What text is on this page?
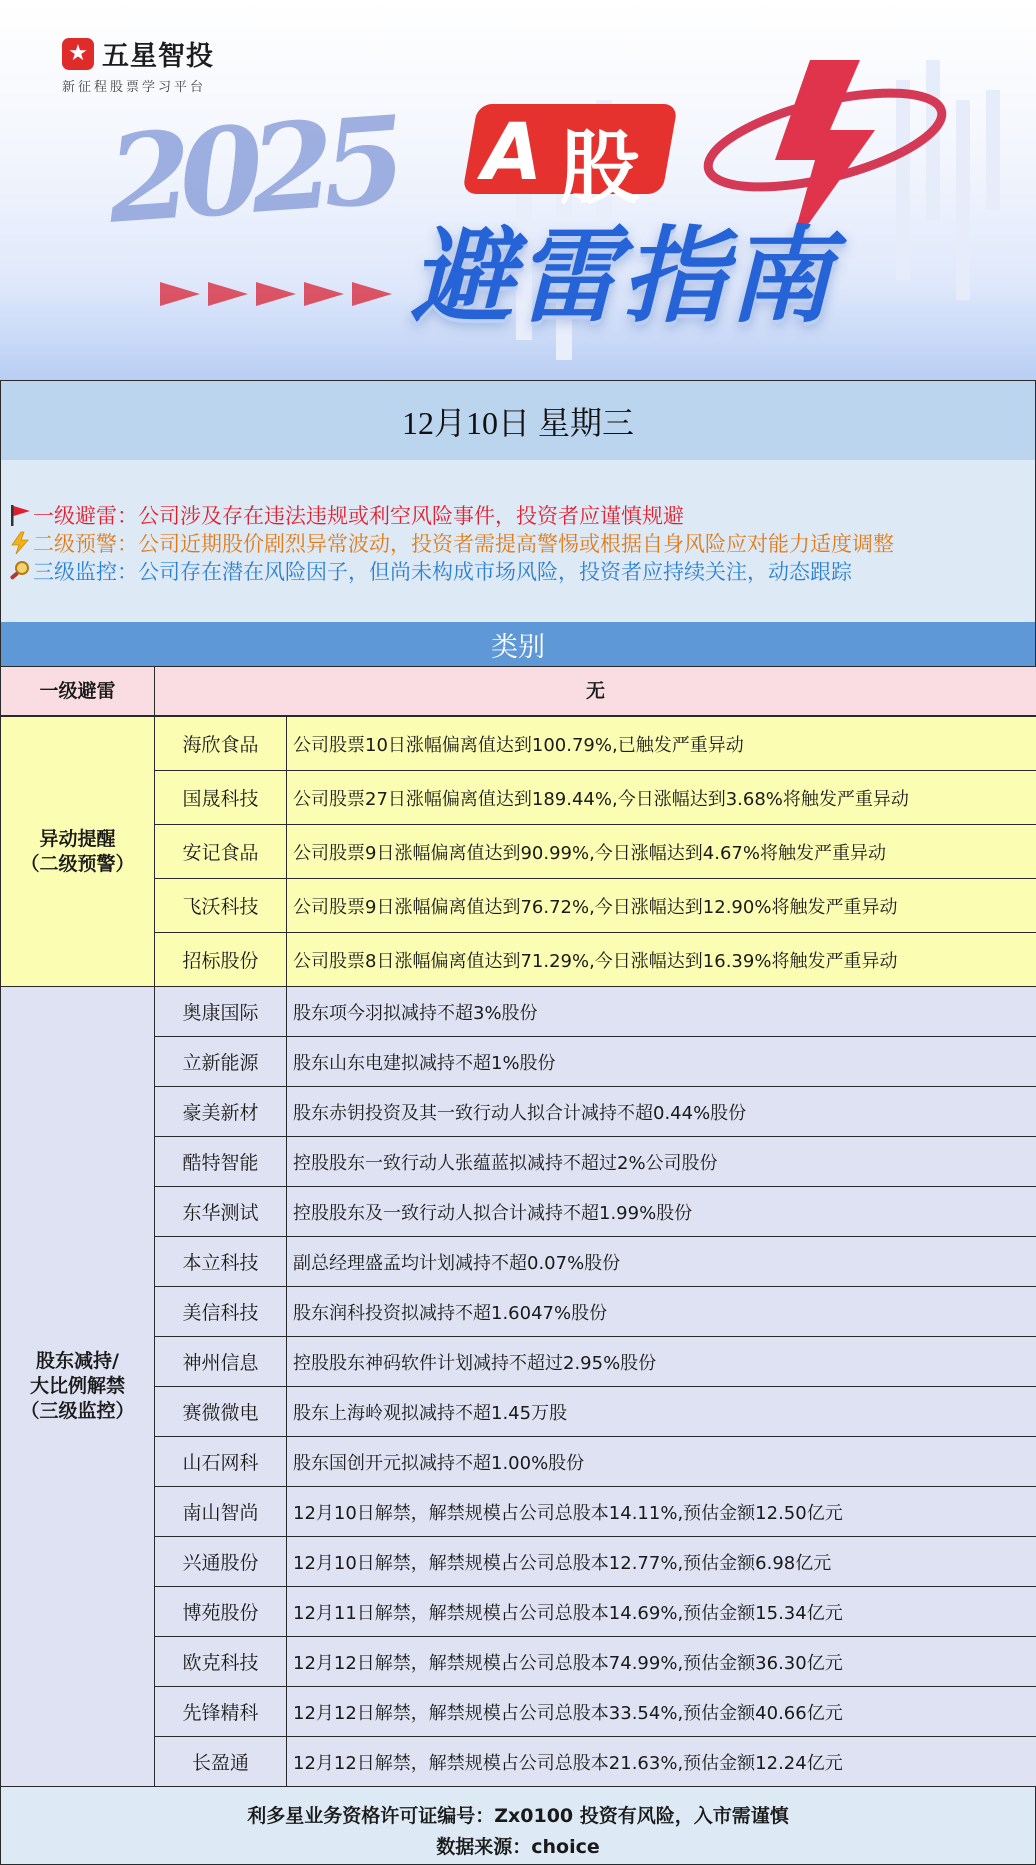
★ 五星智投
新征程股票学习平台
2025 A 股
避雷指南
12月10日 星期三
一级避雷：公司涉及存在违法违规或利空风险事件，投资者应谨慎规避
二级预警：公司近期股价剧烈异常波动，投资者需提高警惕或根据自身风险应对能力适度调整
三级监控：公司存在潜在风险因子，但尚未构成市场风险，投资者应持续关注，动态跟踪
类别
一级避雷	无
异动提醒
（二级预警）	海欣食品	公司股票10日涨幅偏离值达到100.79%,已触发严重异动
	国晟科技	公司股票27日涨幅偏离值达到189.44%,今日涨幅达到3.68%将触发严重异动
	安记食品	公司股票9日涨幅偏离值达到90.99%,今日涨幅达到4.67%将触发严重异动
	飞沃科技	公司股票9日涨幅偏离值达到76.72%,今日涨幅达到12.90%将触发严重异动
	招标股份	公司股票8日涨幅偏离值达到71.29%,今日涨幅达到16.39%将触发严重异动
股东减持/
大比例解禁
（三级监控）	奥康国际	股东项今羽拟减持不超3%股份
	立新能源	股东山东电建拟减持不超1%股份
	豪美新材	股东赤钥投资及其一致行动人拟合计减持不超0.44%股份
	酷特智能	控股股东一致行动人张蕴蓝拟减持不超过2%公司股份
	东华测试	控股股东及一致行动人拟合计减持不超1.99%股份
	本立科技	副总经理盛孟均计划减持不超0.07%股份
	美信科技	股东润科投资拟减持不超1.6047%股份
	神州信息	控股股东神码软件计划减持不超过2.95%股份
	赛微微电	股东上海岭观拟减持不超1.45万股
	山石网科	股东国创开元拟减持不超1.00%股份
	南山智尚	12月10日解禁，解禁规模占公司总股本14.11%,预估金额12.50亿元
	兴通股份	12月10日解禁，解禁规模占公司总股本12.77%,预估金额6.98亿元
	博苑股份	12月11日解禁，解禁规模占公司总股本14.69%,预估金额15.34亿元
	欧克科技	12月12日解禁，解禁规模占公司总股本74.99%,预估金额36.30亿元
	先锋精科	12月12日解禁，解禁规模占公司总股本33.54%,预估金额40.66亿元
	长盈通	12月12日解禁，解禁规模占公司总股本21.63%,预估金额12.24亿元
利多星业务资格许可证编号：Zx0100 投资有风险，入市需谨慎
数据来源：choice
